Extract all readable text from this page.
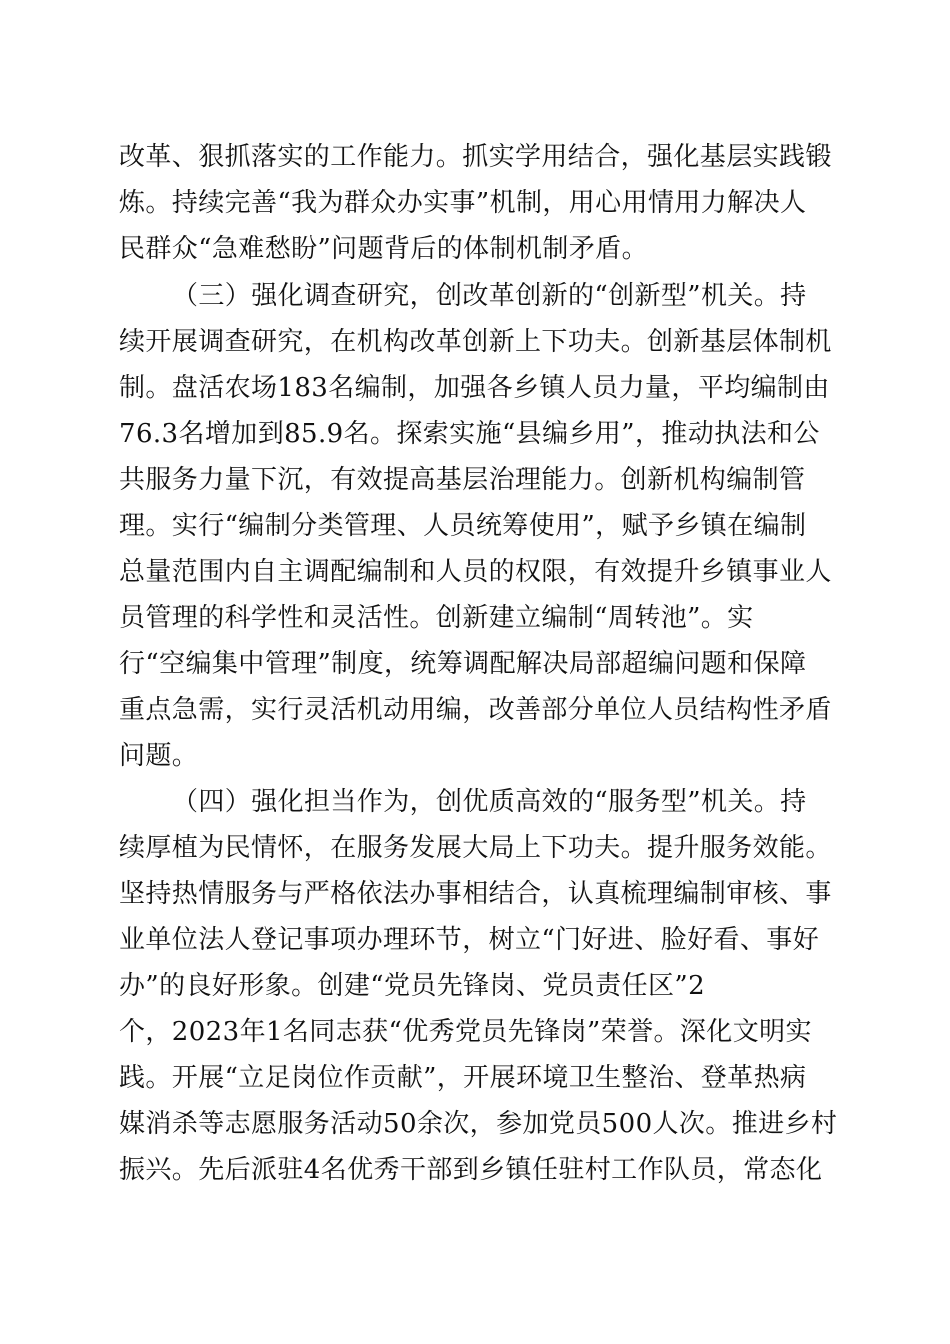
改革、狠抓落实的工作能力。抓实学用结合，强化基层实践锻
炼。持续完善“我为群众办实事”机制，用心用情用力解决人
民群众“急难愁盼”问题背后的体制机制矛盾。
（三）强化调查研究，创改革创新的“创新型”机关。持
续开展调查研究，在机构改革创新上下功夫。创新基层体制机
制。盘活农场183名编制，加强各乡镇人员力量，平均编制由
76.3名增加到85.9名。探索实施“县编乡用”，推动执法和公
共服务力量下沉，有效提高基层治理能力。创新机构编制管
理。实行“编制分类管理、人员统筹使用”，赋予乡镇在编制
总量范围内自主调配编制和人员的权限，有效提升乡镇事业人
员管理的科学性和灵活性。创新建立编制“周转池”。实
行“空编集中管理”制度，统筹调配解决局部超编问题和保障
重点急需，实行灵活机动用编，改善部分单位人员结构性矛盾
问题。
（四）强化担当作为，创优质高效的“服务型”机关。持
续厚植为民情怀，在服务发展大局上下功夫。提升服务效能。
坚持热情服务与严格依法办事相结合，认真梳理编制审核、事
业单位法人登记事项办理环节，树立“门好进、脸好看、事好
办”的良好形象。创建“党员先锋岗、党员责任区”2
个，2023年1名同志获“优秀党员先锋岗”荣誉。深化文明实
践。开展“立足岗位作贡献”，开展环境卫生整治、登革热病
媒消杀等志愿服务活动50余次，参加党员500人次。推进乡村
振兴。先后派驻4名优秀干部到乡镇任驻村工作队员，常态化
